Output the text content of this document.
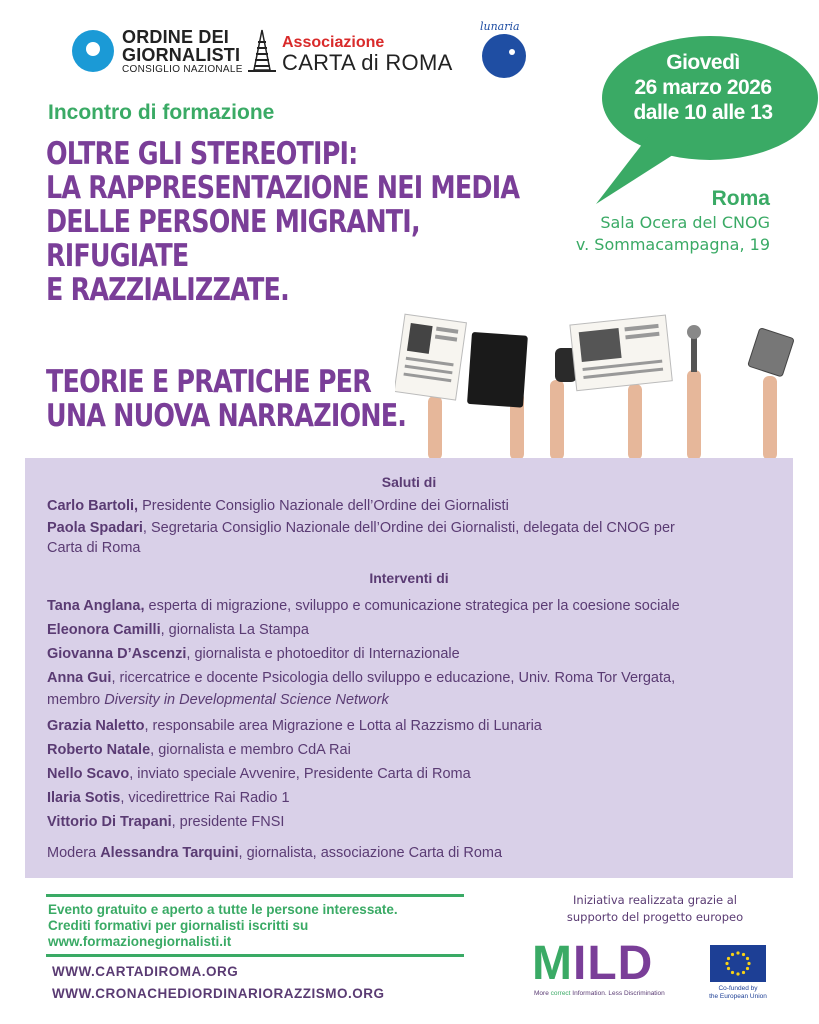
ORDINE DEI
GIORNALISTI
CONSIGLIO NAZIONALE
Associazione
CARTA di ROMA
lunaria
Giovedì
26 marzo 2026
dalle 10 alle 13
Roma
Sala Ocera del CNOG
v. Sommacampagna, 19
Incontro di formazione
OLTRE GLI STEREOTIPI:
LA RAPPRESENTAZIONE NEI MEDIA
DELLE PERSONE MIGRANTI,
RIFUGIATE
E RAZZIALIZZATE.
TEORIE E PRATICHE PER
UNA NUOVA NARRAZIONE.
Saluti di
Carlo Bartoli, Presidente Consiglio Nazionale dell’Ordine dei Giornalisti
Paola Spadari, Segretaria Consiglio Nazionale dell’Ordine dei Giornalisti, delegata del CNOG per
Carta di Roma
Interventi di
Tana Anglana, esperta di migrazione, sviluppo e comunicazione strategica per la coesione sociale
Eleonora Camilli, giornalista La Stampa
Giovanna D’Ascenzi, giornalista e photoeditor di Internazionale
Anna Gui, ricercatrice e docente Psicologia dello sviluppo e educazione, Univ. Roma Tor Vergata,
membro Diversity in Developmental Science Network
Grazia Naletto, responsabile area Migrazione e Lotta al Razzismo di Lunaria
Roberto Natale, giornalista e membro CdA Rai
Nello Scavo, inviato speciale Avvenire, Presidente Carta di Roma
Ilaria Sotis, vicedirettrice Rai Radio 1
Vittorio Di Trapani, presidente FNSI
Modera Alessandra Tarquini, giornalista, associazione Carta di Roma
Evento gratuito e aperto a tutte le persone interessate.
Crediti formativi per giornalisti iscritti su
www.formazionegiornalisti.it
WWW.CARTADIROMA.ORG
WWW.CRONACHEDIORDINARIORAZZISMO.ORG
Iniziativa realizzata grazie al
supporto del progetto europeo
MILD
More correct Information. Less Discrimination
Co-funded by
the European Union
